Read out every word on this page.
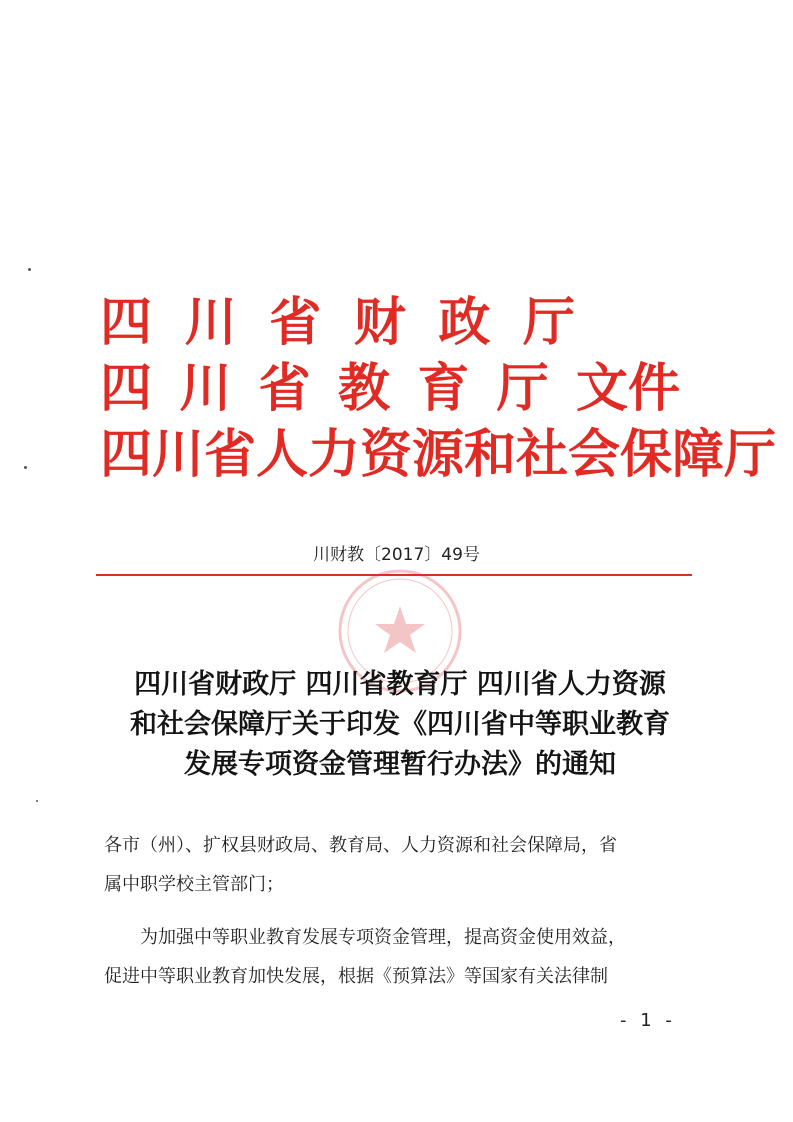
四 川 省 财 政 厅
四 川 省 教 育 厅 文件
四川省人力资源和社会保障厅
川财教〔2017〕49号
四川省财政厅 四川省教育厅 四川省人力资源
和社会保障厅关于印发《四川省中等职业教育
发展专项资金管理暂行办法》的通知

各市（州）、扩权县财政局、教育局、人力资源和社会保障局，省

属中职学校主管部门；

为加强中等职业教育发展专项资金管理，提高资金使用效益，

促进中等职业教育加快发展，根据《预算法》等国家有关法律制

- 1 -
